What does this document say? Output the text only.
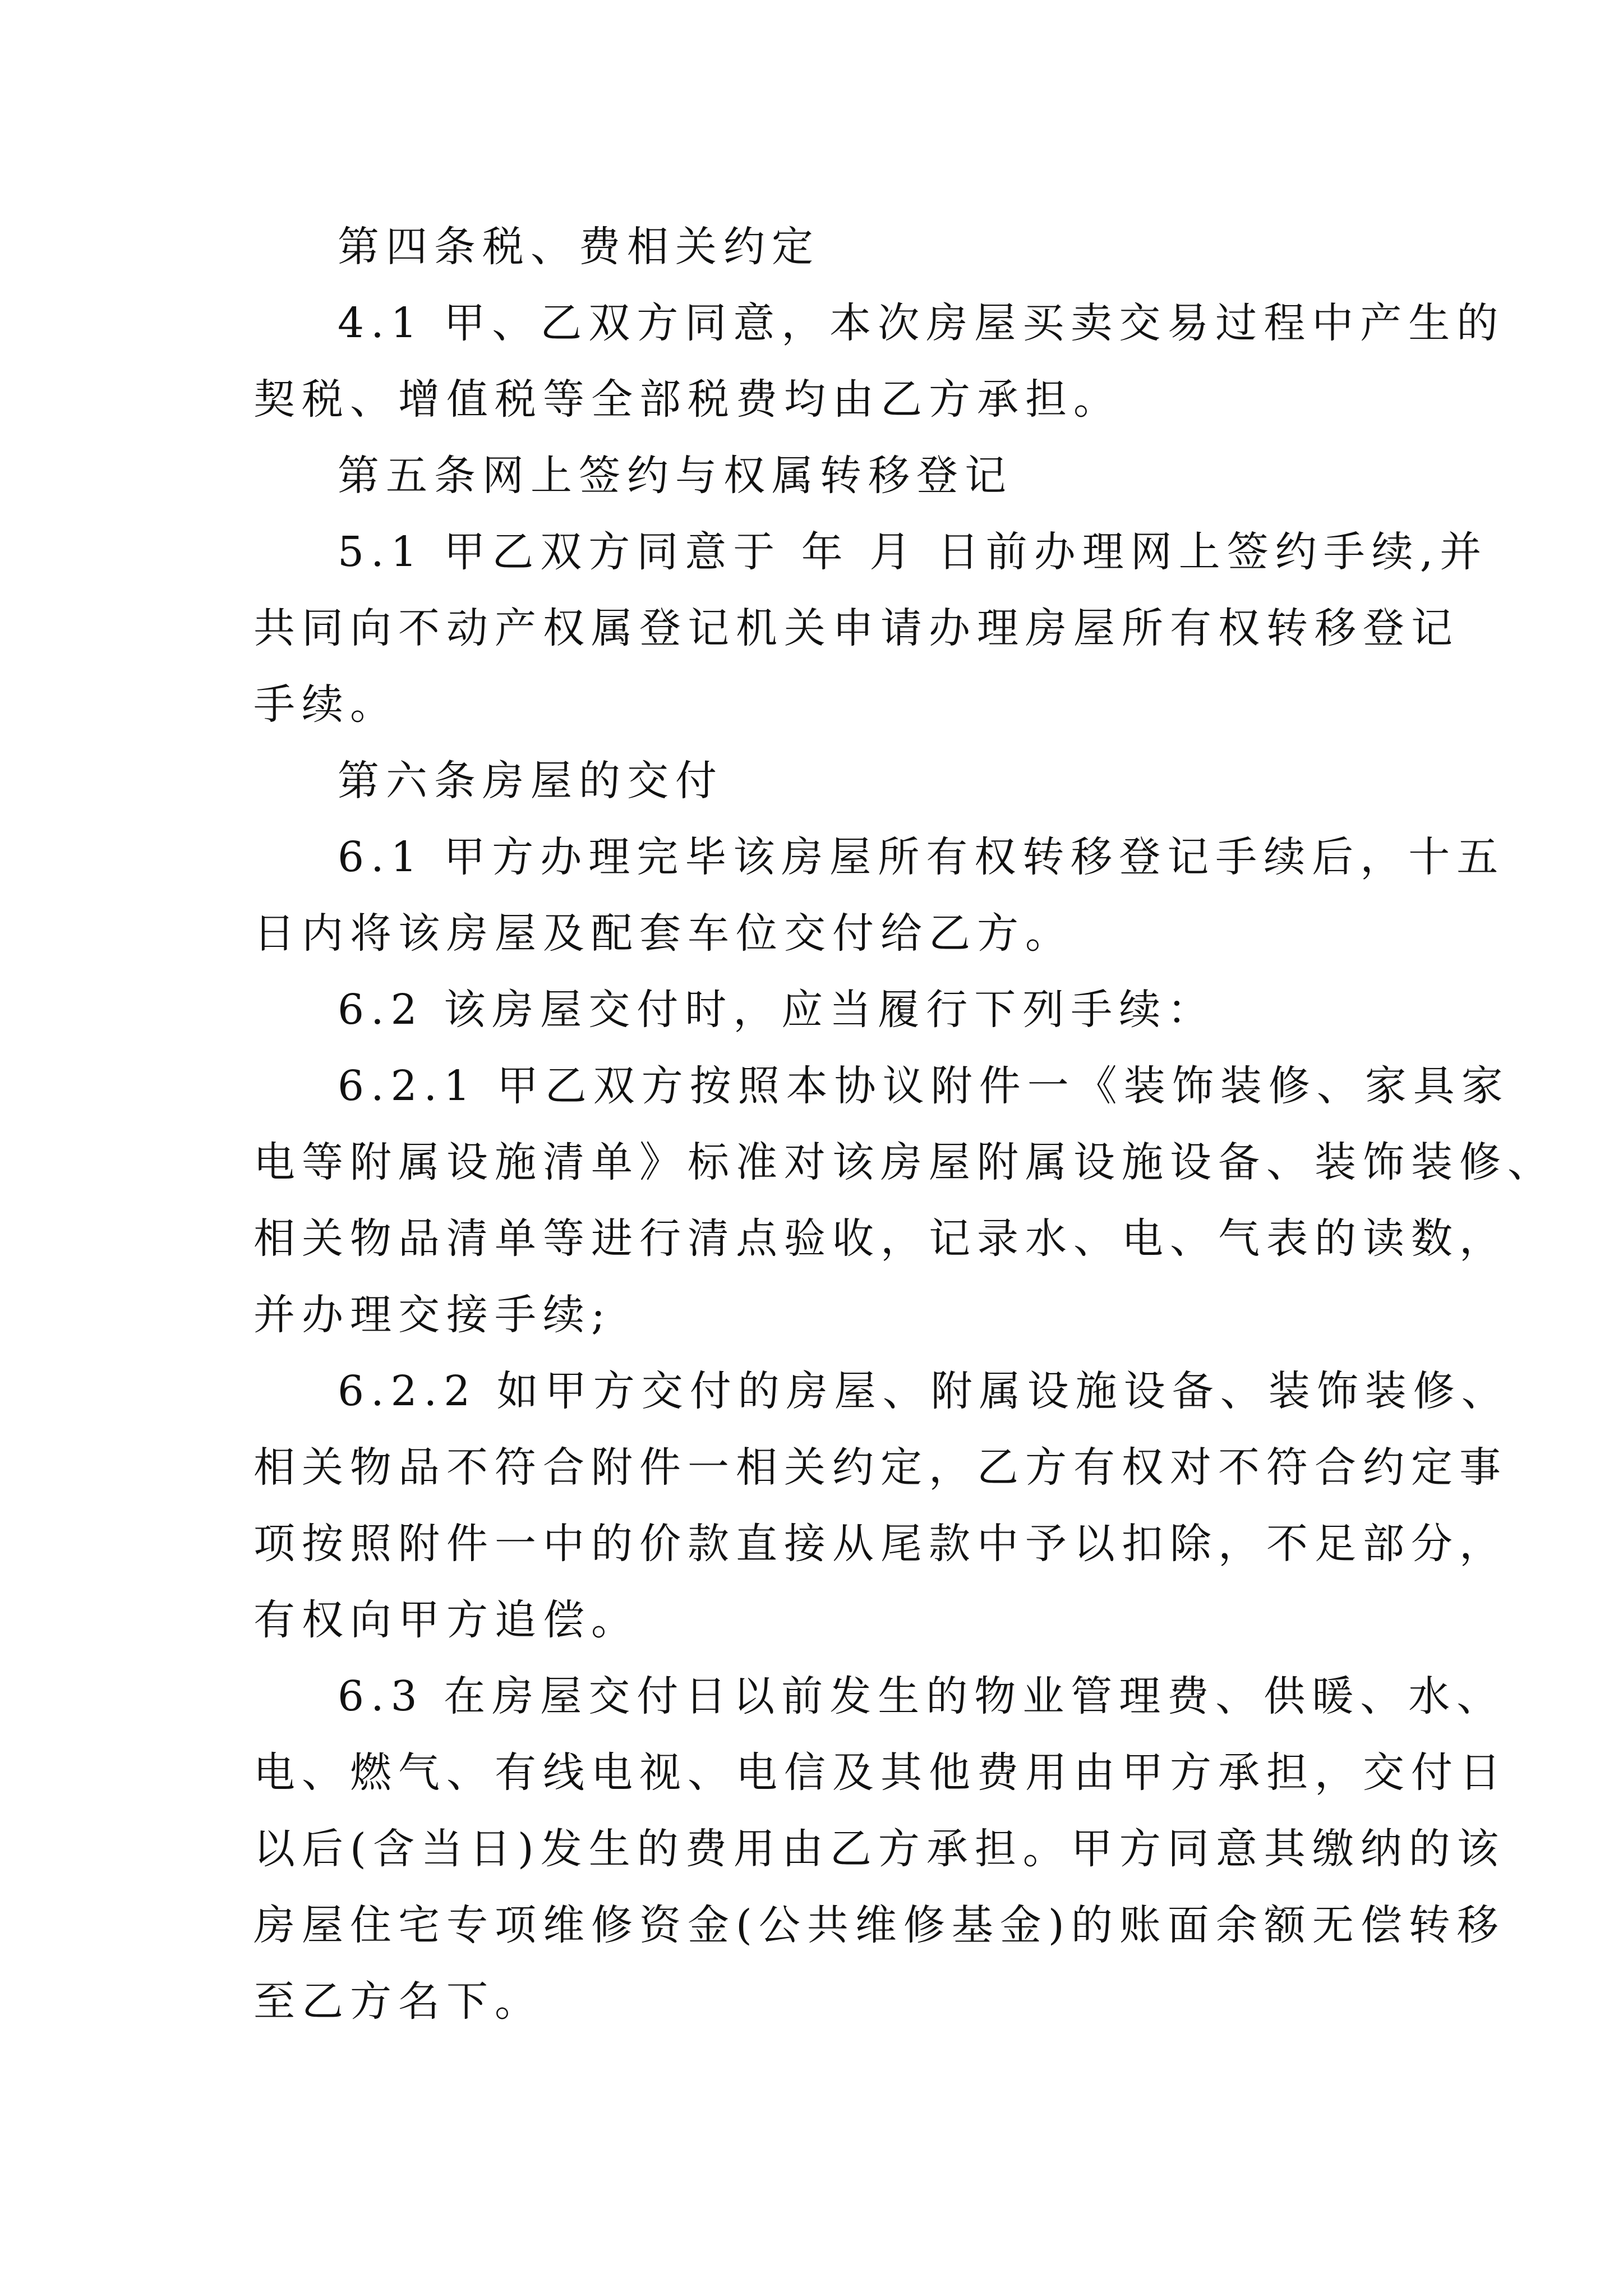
第四条税、费相关约定
4.1 甲、乙双方同意，本次房屋买卖交易过程中产生的
契税、增值税等全部税费均由乙方承担。
第五条网上签约与权属转移登记
5.1 甲乙双方同意于 年 月 日前办理网上签约手续,并
共同向不动产权属登记机关申请办理房屋所有权转移登记
手续。
第六条房屋的交付
6.1 甲方办理完毕该房屋所有权转移登记手续后，十五
日内将该房屋及配套车位交付给乙方。
6.2 该房屋交付时，应当履行下列手续：
6.2.1 甲乙双方按照本协议附件一《装饰装修、家具家
电等附属设施清单》标准对该房屋附属设施设备、装饰装修、
相关物品清单等进行清点验收，记录水、电、气表的读数，
并办理交接手续;
6.2.2 如甲方交付的房屋、附属设施设备、装饰装修、
相关物品不符合附件一相关约定，乙方有权对不符合约定事
项按照附件一中的价款直接从尾款中予以扣除，不足部分，
有权向甲方追偿。
6.3 在房屋交付日以前发生的物业管理费、供暖、水、
电、燃气、有线电视、电信及其他费用由甲方承担，交付日
以后(含当日)发生的费用由乙方承担。甲方同意其缴纳的该
房屋住宅专项维修资金(公共维修基金)的账面余额无偿转移
至乙方名下。
